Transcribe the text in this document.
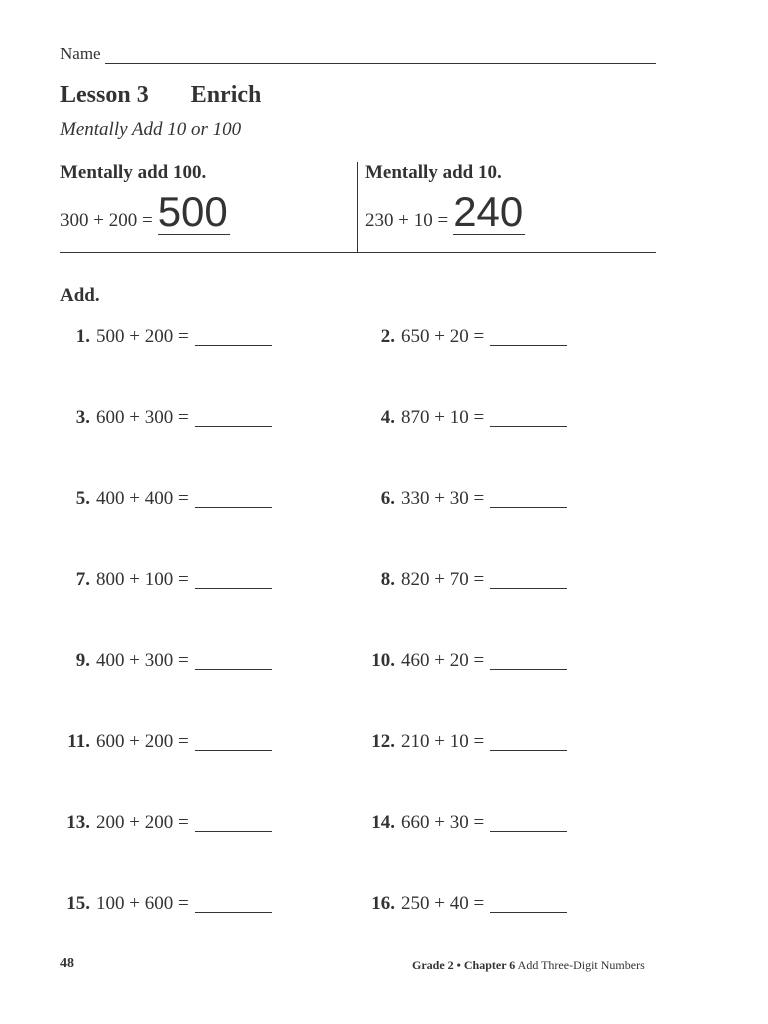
Name
Lesson 3 Enrich
Mentally Add 10 or 100
Mentally add 100.
300 + 200 = 500
Mentally add 10.
230 + 10 = 240
Add.
1. 500 + 200 =	2. 650 + 20 =
3. 600 + 300 =	4. 870 + 10 =
5. 400 + 400 =	6. 330 + 30 =
7. 800 + 100 =	8. 820 + 70 =
9. 400 + 300 =	10. 460 + 20 =
11. 600 + 200 =	12. 210 + 10 =
13. 200 + 200 =	14. 660 + 30 =
15. 100 + 600 =	16. 250 + 40 =
48	Grade 2 • Chapter 6 Add Three-Digit Numbers
